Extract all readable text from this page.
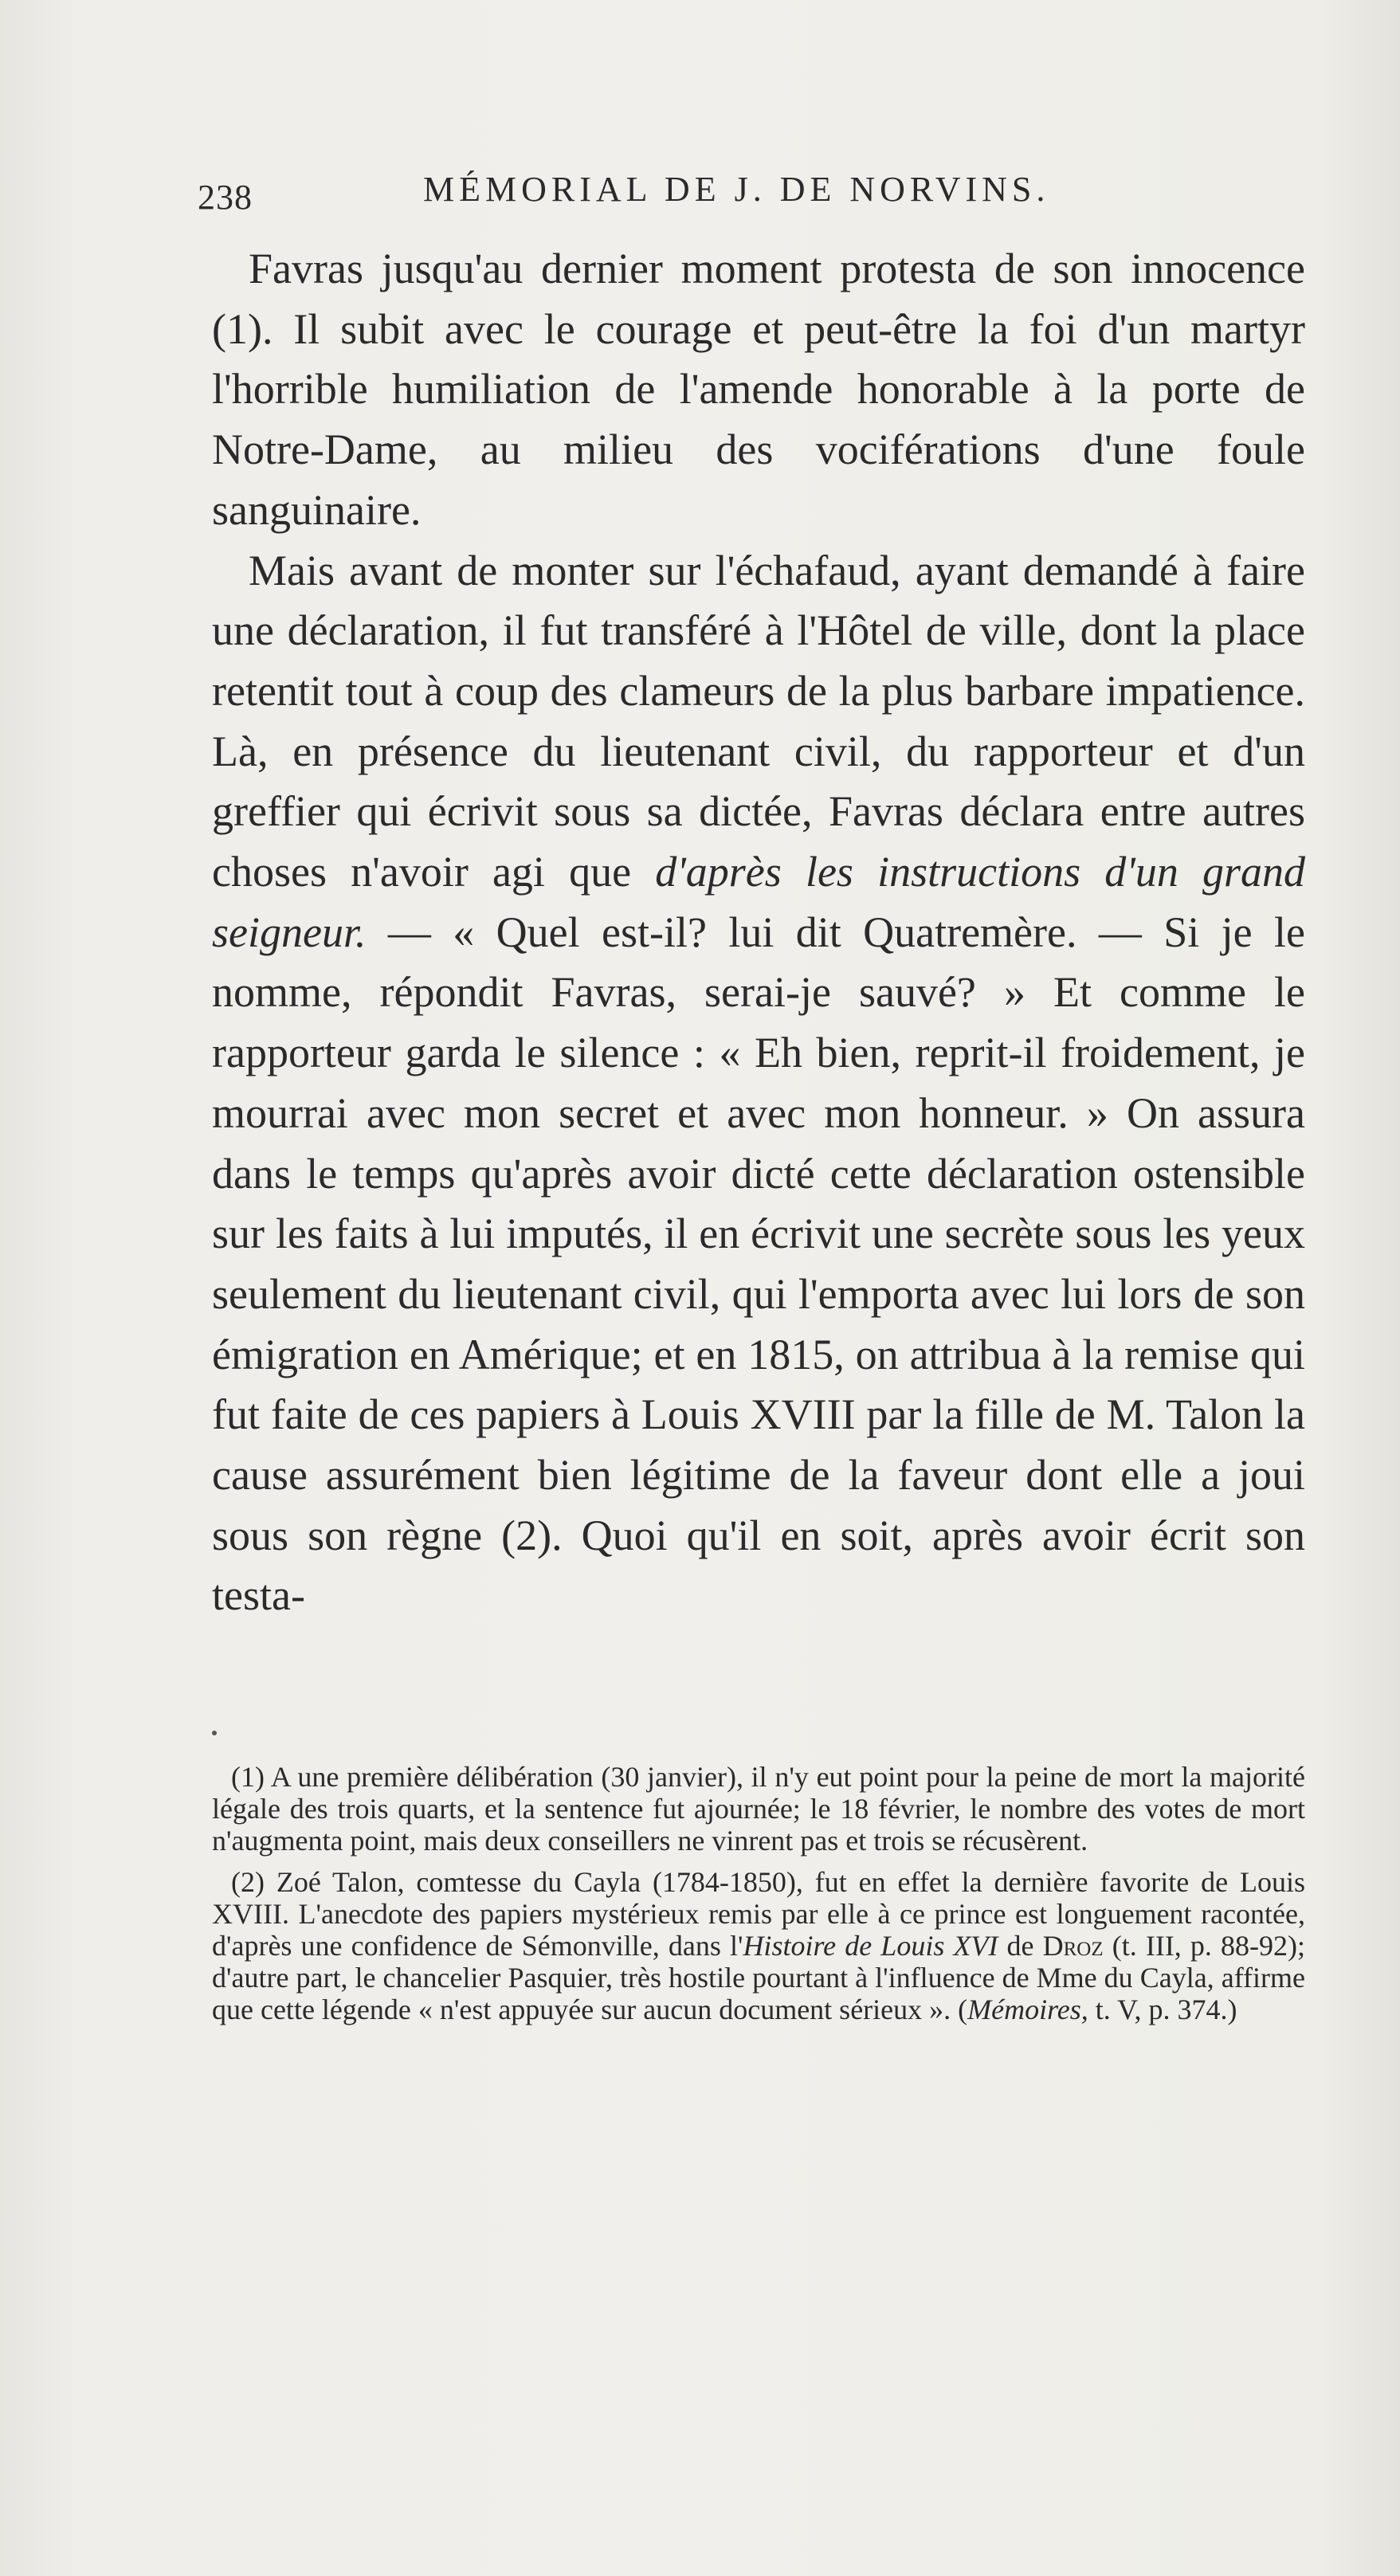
238	MÉMORIAL DE J. DE NORVINS.

Favras jusqu'au dernier moment protesta de son innocence (1). Il subit avec le courage et peut-être la foi d'un martyr l'horrible humiliation de l'amende honorable à la porte de Notre-Dame, au milieu des vociférations d'une foule sanguinaire.

Mais avant de monter sur l'échafaud, ayant demandé à faire une déclaration, il fut transféré à l'Hôtel de ville, dont la place retentit tout à coup des clameurs de la plus barbare impatience. Là, en présence du lieutenant civil, du rapporteur et d'un greffier qui écrivit sous sa dictée, Favras déclara entre autres choses n'avoir agi que d'après les instructions d'un grand seigneur. — « Quel est-il? lui dit Quatremère. — Si je le nomme, répondit Favras, serai-je sauvé? » Et comme le rapporteur garda le silence : « Eh bien, reprit-il froidement, je mourrai avec mon secret et avec mon honneur. » On assura dans le temps qu'après avoir dicté cette déclaration ostensible sur les faits à lui imputés, il en écrivit une secrète sous les yeux seulement du lieutenant civil, qui l'emporta avec lui lors de son émigration en Amérique; et en 1815, on attribua à la remise qui fut faite de ces papiers à Louis XVIII par la fille de M. Talon la cause assurément bien légitime de la faveur dont elle a joui sous son règne (2). Quoi qu'il en soit, après avoir écrit son testa-

(1) A une première délibération (30 janvier), il n'y eut point pour la peine de mort la majorité légale des trois quarts, et la sentence fut ajournée; le 18 février, le nombre des votes de mort n'augmenta point, mais deux conseillers ne vinrent pas et trois se récusèrent.

(2) Zoé Talon, comtesse du Cayla (1784-1850), fut en effet la dernière favorite de Louis XVIII. L'anecdote des papiers mystérieux remis par elle à ce prince est longuement racontée, d'après une confidence de Sémonville, dans l'Histoire de Louis XVI de Droz (t. III, p. 88-92); d'autre part, le chancelier Pasquier, très hostile pourtant à l'influence de Mme du Cayla, affirme que cette légende « n'est appuyée sur aucun document sérieux ». (Mémoires, t. V, p. 374.)
